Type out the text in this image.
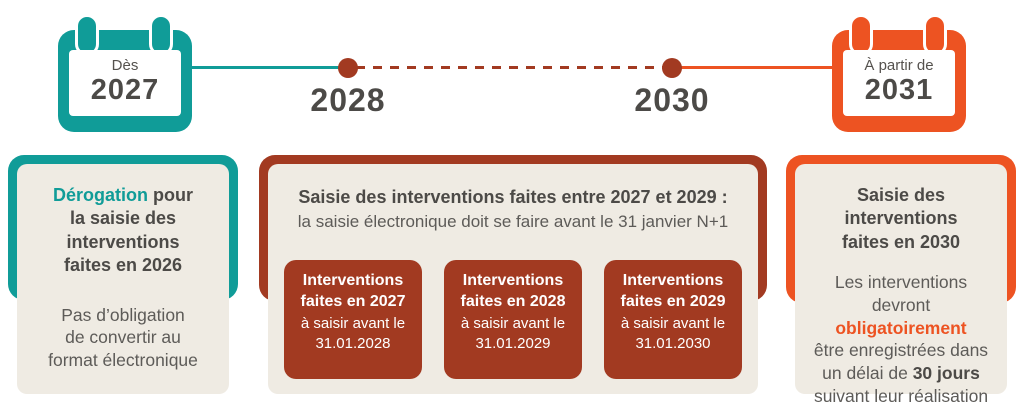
2028	2030
Dès
2027
À partir de
2031
Dérogation pour
la saisie des
interventions
faites en 2026
Pas d’obligation
de convertir au
format électronique
Saisie des interventions faites entre 2027 et 2029 :
la saisie électronique doit se faire avant le 31 janvier N+1
Interventions faites en 2027
à saisir avant le
31.01.2028
Interventions faites en 2028
à saisir avant le
31.01.2029
Interventions faites en 2029
à saisir avant le
31.01.2030
Saisie des interventions
faites en 2030
Les interventions
devront
obligatoirement
être enregistrées dans
un délai de 30 jours
suivant leur réalisation
